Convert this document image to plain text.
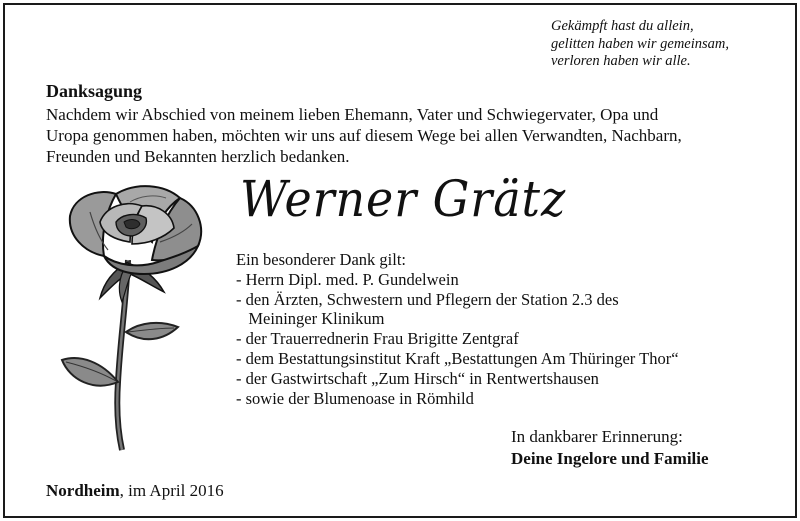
Gekämpft hast du allein,
gelitten haben wir gemeinsam,
verloren haben wir alle.
Danksagung
Nachdem wir Abschied von meinem lieben Ehemann, Vater und Schwiegervater, Opa und
Uropa genommen haben, möchten wir uns auf diesem Wege bei allen Verwandten, Nachbarn,
Freunden und Bekannten herzlich bedanken.
Werner Grätz
Ein besonderer Dank gilt:
- Herrn Dipl. med. P. Gundelwein
- den Ärzten, Schwestern und Pflegern der Station 2.3 des
Meininger Klinikum
- der Trauerrednerin Frau Brigitte Zentgraf
- dem Bestattungsinstitut Kraft „Bestattungen Am Thüringer Thor“
- der Gastwirtschaft „Zum Hirsch“ in Rentwertshausen
- sowie der Blumenoase in Römhild
In dankbarer Erinnerung:
Deine Ingelore und Familie
Nordheim, im April 2016
